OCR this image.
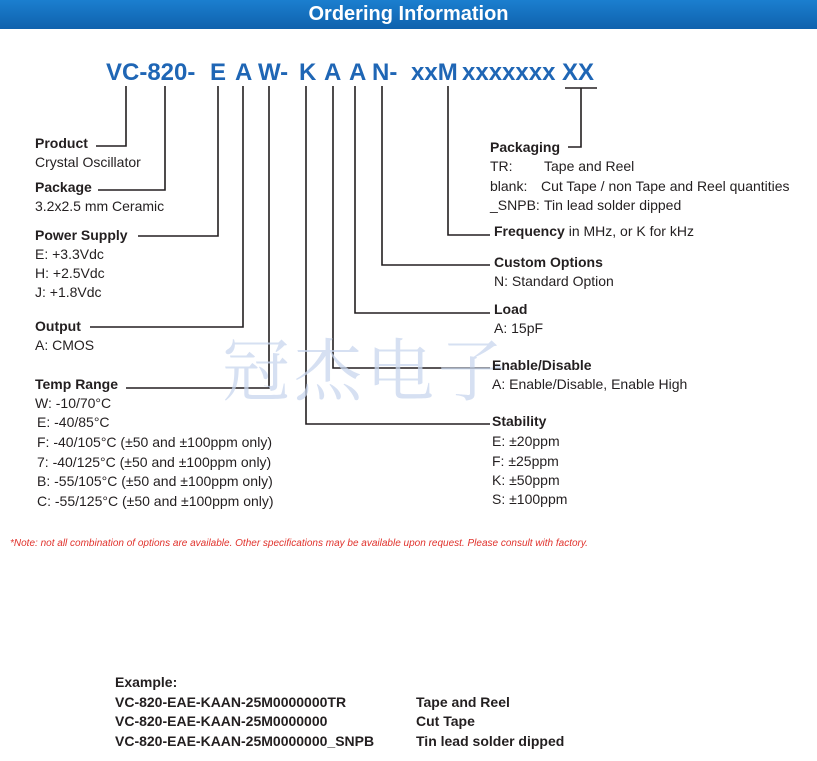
Ordering Information
VC-820- E A W- K A A N- xxM xxxxxxx XX
冠杰电子
Product
Crystal Oscillator
Package
3.2x2.5 mm Ceramic
Power Supply
E: +3.3Vdc
H: +2.5Vdc
J: +1.8Vdc
Output
A: CMOS
Temp Range
W: -10/70°C
E: -40/85°C
F: -40/105°C (±50 and ±100ppm only)
7: -40/125°C (±50 and ±100ppm only)
B: -55/105°C (±50 and ±100ppm only)
C: -55/125°C (±50 and ±100ppm only)
Packaging
TR: Tape and Reel
blank: Cut Tape / non Tape and Reel quantities
_SNPB: Tin lead solder dipped
Frequency in MHz, or K for kHz
Custom Options
N: Standard Option
Load
A: 15pF
Enable/Disable
A: Enable/Disable, Enable High
Stability
E: ±20ppm
F: ±25ppm
K: ±50ppm
S: ±100ppm
*Note: not all combination of options are available. Other specifications may be available upon request. Please consult with factory.
Example:
VC-820-EAE-KAAN-25M0000000TR	Tape and Reel
VC-820-EAE-KAAN-25M0000000	Cut Tape
VC-820-EAE-KAAN-25M0000000_SNPB	Tin lead solder dipped
